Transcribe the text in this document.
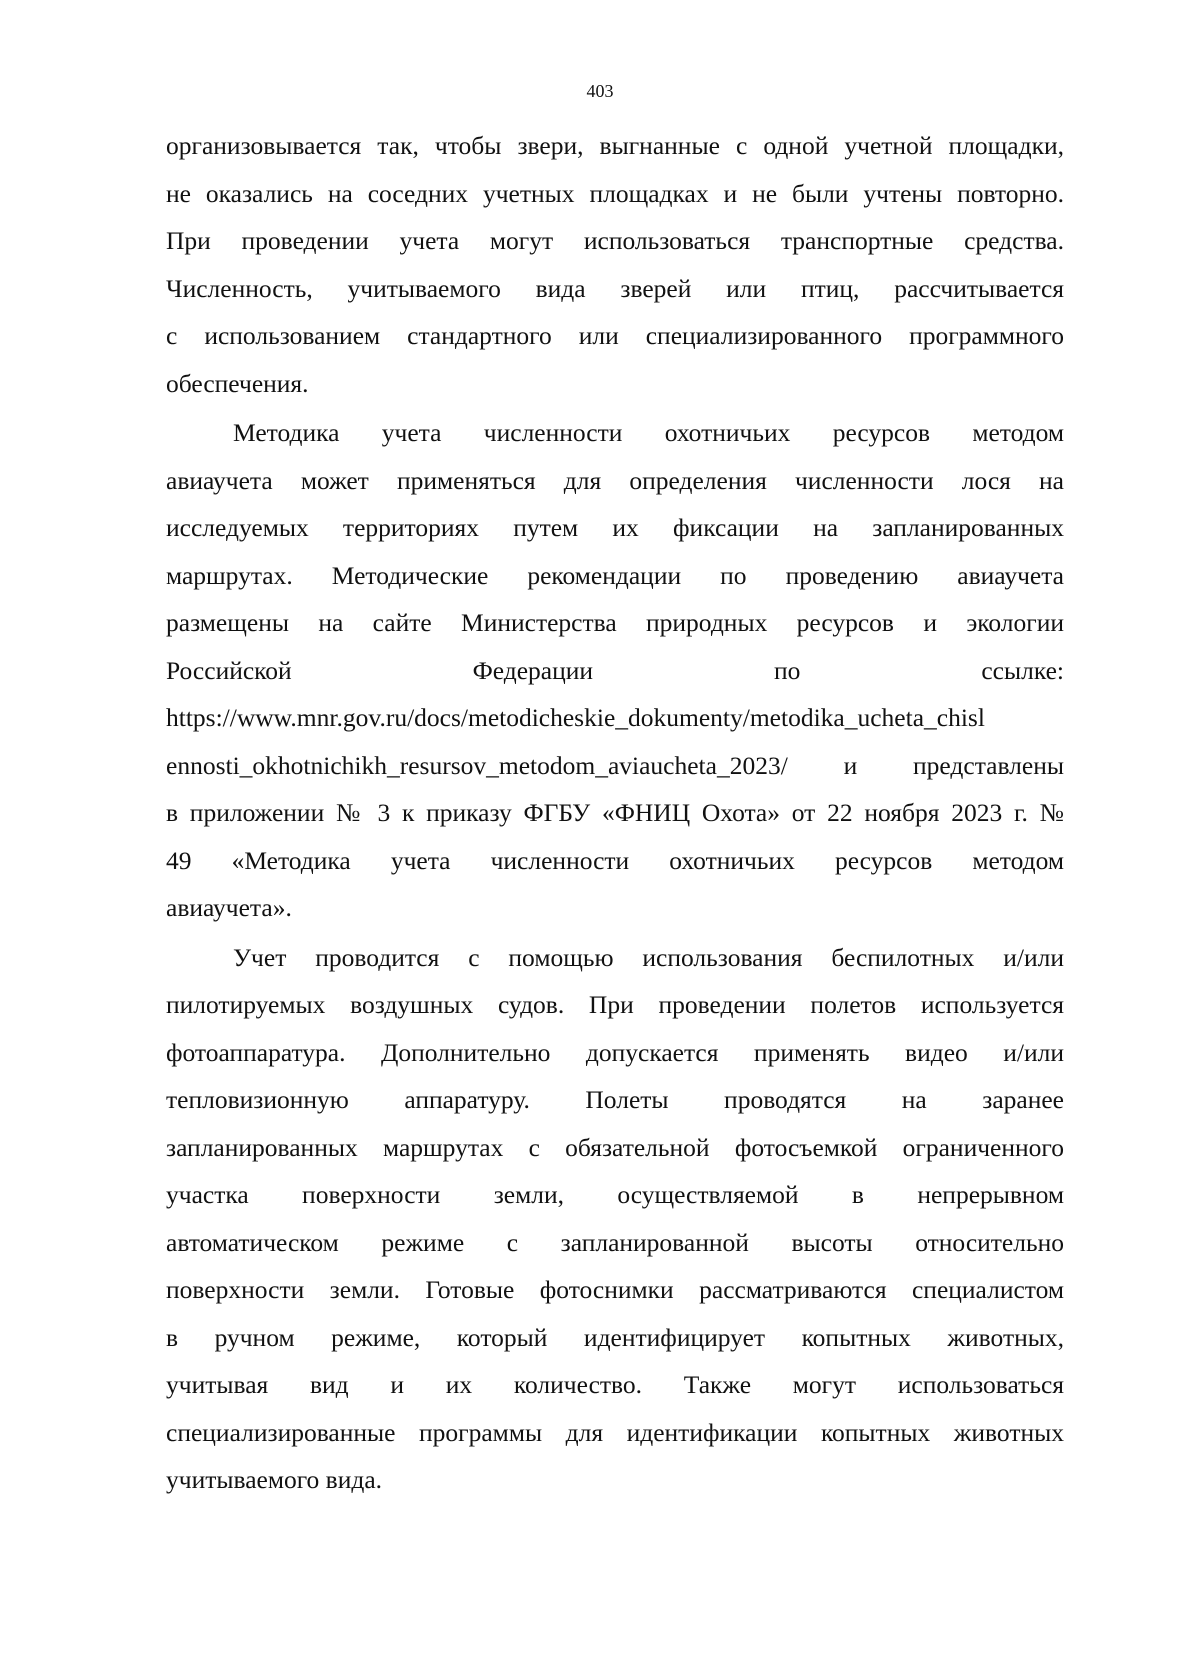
403

организовывается так, чтобы звери, выгнанные с одной учетной площадки,
не оказались на соседних учетных площадках и не были учтены повторно.
При проведении учета могут использоваться транспортные средства.
Численность, учитываемого вида зверей или птиц, рассчитывается
с использованием стандартного или специализированного программного
обеспечения.

Методика учета численности охотничьих ресурсов методом
авиаучета может применяться для определения численности лося на
исследуемых территориях путем их фиксации на запланированных
маршрутах. Методические рекомендации по проведению авиаучета
размещены на сайте Министерства природных ресурсов и экологии
Российской Федерации по ссылке:
https://www.mnr.gov.ru/docs/metodicheskie_dokumenty/metodika_ucheta_chisl
ennosti_okhotnichikh_resursov_metodom_aviaucheta_2023/ и представлены
в приложении № 3 к приказу ФГБУ «ФНИЦ Охота» от 22 ноября 2023 г. №
49 «Методика учета численности охотничьих ресурсов методом
авиаучета».

Учет проводится с помощью использования беспилотных и/или
пилотируемых воздушных судов. При проведении полетов используется
фотоаппаратура. Дополнительно допускается применять видео и/или
тепловизионную аппаратуру. Полеты проводятся на заранее
запланированных маршрутах с обязательной фотосъемкой ограниченного
участка поверхности земли, осуществляемой в непрерывном
автоматическом режиме с запланированной высоты относительно
поверхности земли. Готовые фотоснимки рассматриваются специалистом
в ручном режиме, который идентифицирует копытных животных,
учитывая вид и их количество. Также могут использоваться
специализированные программы для идентификации копытных животных
учитываемого вида.
